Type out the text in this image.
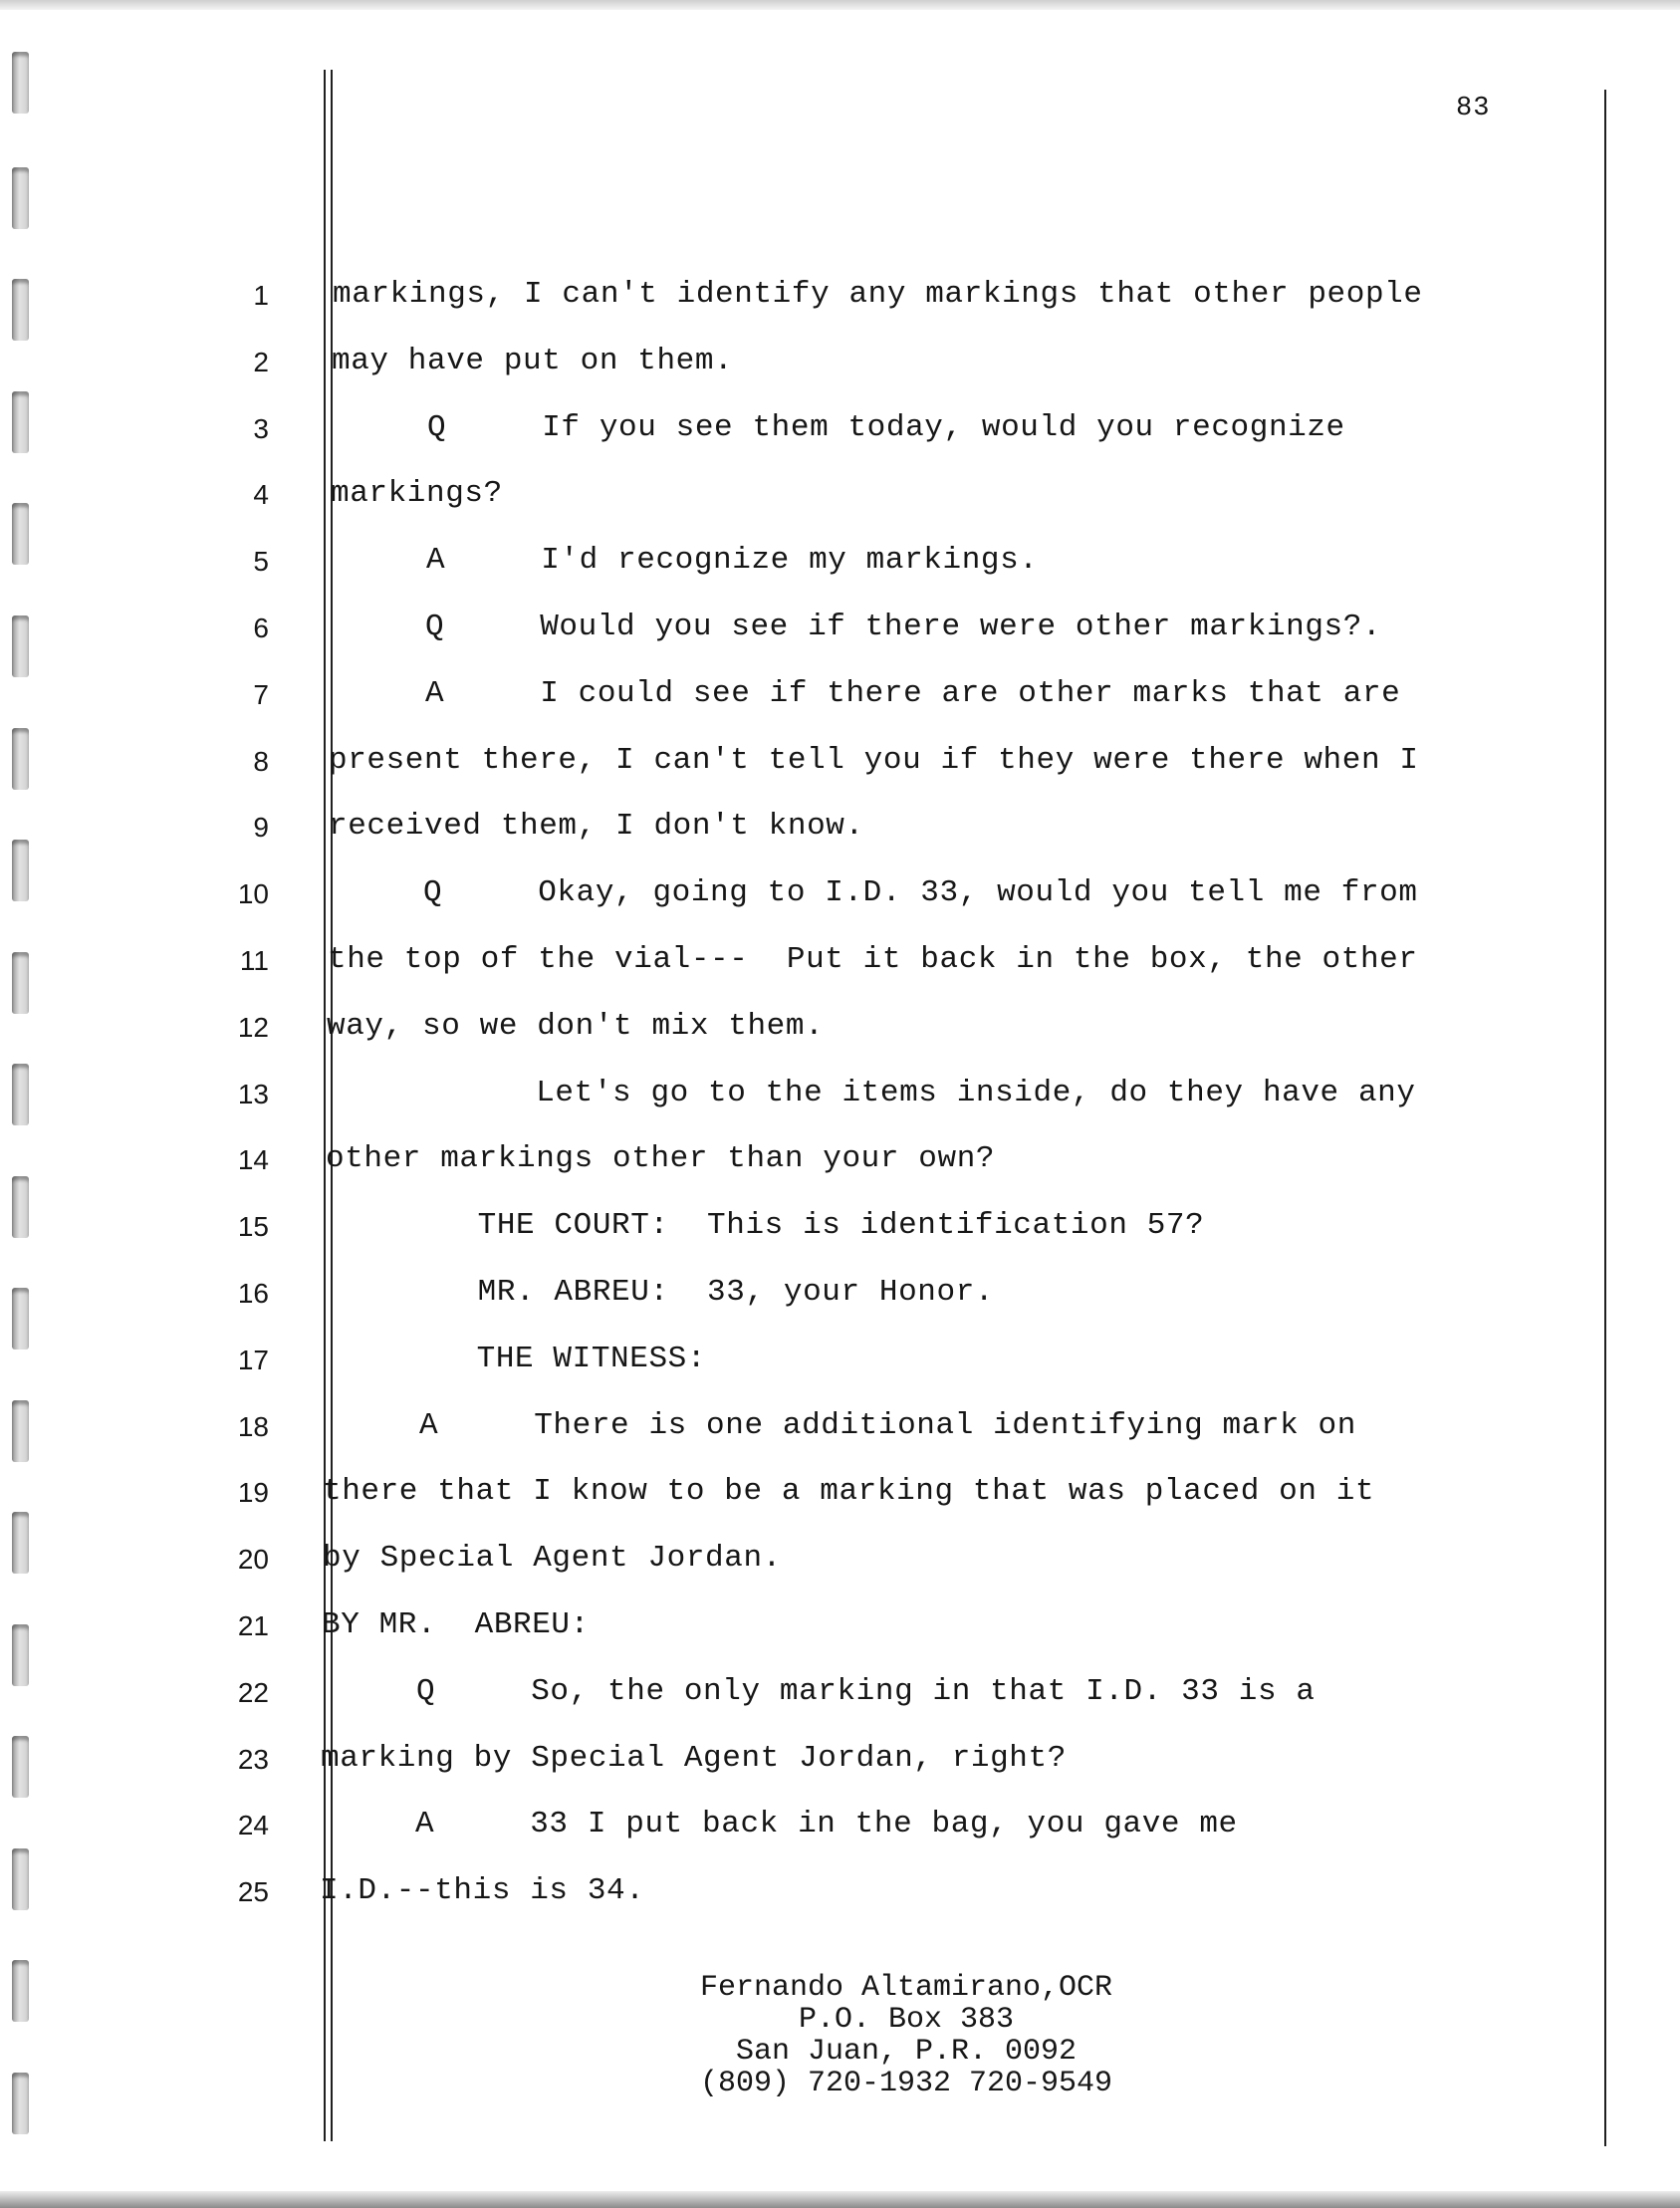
83
1 markings, I can't identify any markings that other people
2 may have put on them.
3 Q     If you see them today, would you recognize
4 markings?
5 A     I'd recognize my markings.
6 Q     Would you see if there were other markings?.
7 A     I could see if there are other marks that are
8 present there, I can't tell you if they were there when I
9 received them, I don't know.
10 Q     Okay, going to I.D. 33, would you tell me from
11 the top of the vial---  Put it back in the box, the other
12 way, so we don't mix them.
13 Let's go to the items inside, do they have any
14 other markings other than your own?
15 THE COURT:  This is identification 57?
16 MR. ABREU:  33, your Honor.
17 THE WITNESS:
18 A     There is one additional identifying mark on
19 there that I know to be a marking that was placed on it
20 by Special Agent Jordan.
21 BY MR.  ABREU:
22 Q     So, the only marking in that I.D. 33 is a
23 marking by Special Agent Jordan, right?
24 A     33 I put back in the bag, you gave me
25 I.D.--this is 34.
Fernando Altamirano,OCR
P.O. Box 383
San Juan, P.R. 0092
(809) 720-1932 720-9549
